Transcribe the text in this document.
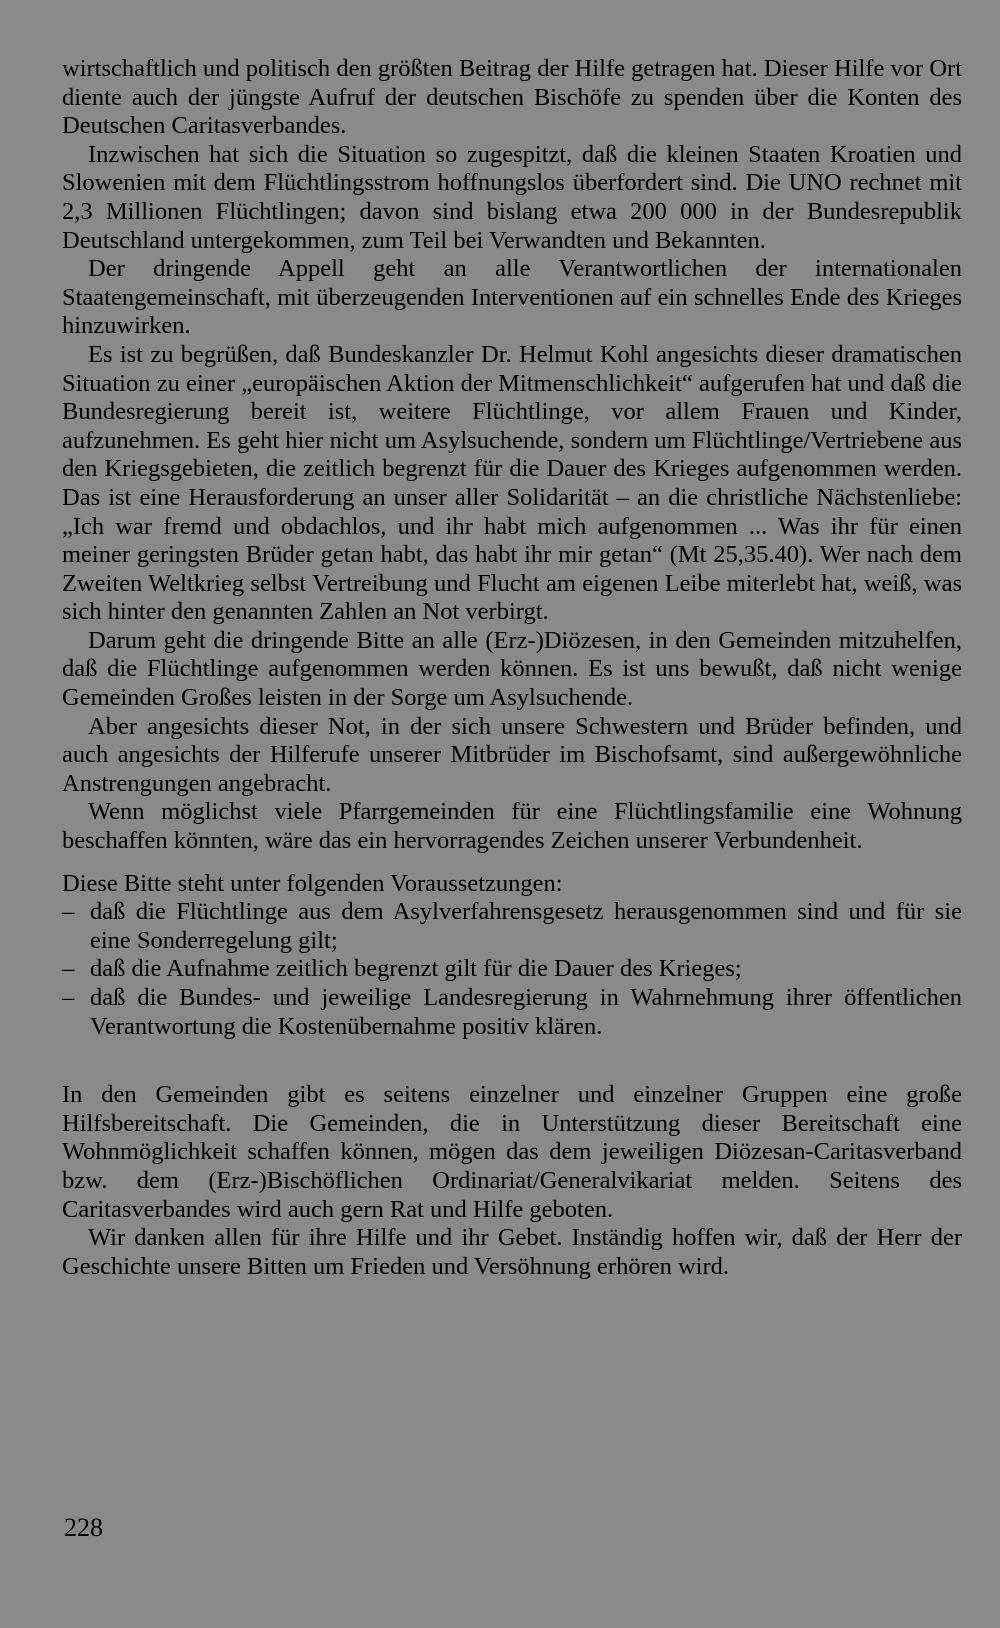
wirtschaftlich und politisch den größten Beitrag der Hilfe getragen hat. Dieser Hilfe vor Ort diente auch der jüngste Aufruf der deutschen Bischöfe zu spenden über die Konten des Deutschen Caritasverbandes.

Inzwischen hat sich die Situation so zugespitzt, daß die kleinen Staaten Kroatien und Slowenien mit dem Flüchtlingsstrom hoffnungslos überfordert sind. Die UNO rechnet mit 2,3 Millionen Flüchtlingen; davon sind bislang etwa 200 000 in der Bundesrepublik Deutschland untergekommen, zum Teil bei Verwandten und Bekannten.

Der dringende Appell geht an alle Verantwortlichen der internationalen Staatengemeinschaft, mit überzeugenden Interventionen auf ein schnelles Ende des Krieges hinzuwirken.

Es ist zu begrüßen, daß Bundeskanzler Dr. Helmut Kohl angesichts dieser dramatischen Situation zu einer „europäischen Aktion der Mitmenschlichkeit“ aufgerufen hat und daß die Bundesregierung bereit ist, weitere Flüchtlinge, vor allem Frauen und Kinder, aufzunehmen. Es geht hier nicht um Asylsuchende, sondern um Flüchtlinge/Vertriebene aus den Kriegsgebieten, die zeitlich begrenzt für die Dauer des Krieges aufgenommen werden. Das ist eine Herausforderung an unser aller Solidarität – an die christliche Nächstenliebe: „Ich war fremd und obdachlos, und ihr habt mich aufgenommen ... Was ihr für einen meiner geringsten Brüder getan habt, das habt ihr mir getan“ (Mt 25,35.40). Wer nach dem Zweiten Weltkrieg selbst Vertreibung und Flucht am eigenen Leibe miterlebt hat, weiß, was sich hinter den genannten Zahlen an Not verbirgt.

Darum geht die dringende Bitte an alle (Erz-)Diözesen, in den Gemeinden mitzuhelfen, daß die Flüchtlinge aufgenommen werden können. Es ist uns bewußt, daß nicht wenige Gemeinden Großes leisten in der Sorge um Asylsuchende.

Aber angesichts dieser Not, in der sich unsere Schwestern und Brüder befinden, und auch angesichts der Hilferufe unserer Mitbrüder im Bischofsamt, sind außergewöhnliche Anstrengungen angebracht.

Wenn möglichst viele Pfarrgemeinden für eine Flüchtlingsfamilie eine Wohnung beschaffen könnten, wäre das ein hervorragendes Zeichen unserer Verbundenheit.

Diese Bitte steht unter folgenden Voraussetzungen:

– daß die Flüchtlinge aus dem Asylverfahrensgesetz herausgenommen sind und für sie eine Sonderregelung gilt;
– daß die Aufnahme zeitlich begrenzt gilt für die Dauer des Krieges;
– daß die Bundes- und jeweilige Landesregierung in Wahrnehmung ihrer öffentlichen Verantwortung die Kostenübernahme positiv klären.

In den Gemeinden gibt es seitens einzelner und einzelner Gruppen eine große Hilfsbereitschaft. Die Gemeinden, die in Unterstützung dieser Bereitschaft eine Wohnmöglichkeit schaffen können, mögen das dem jeweiligen Diözesan-Caritasverband bzw. dem (Erz-)Bischöflichen Ordinariat/Generalvikariat melden. Seitens des Caritasverbandes wird auch gern Rat und Hilfe geboten.

Wir danken allen für ihre Hilfe und ihr Gebet. Inständig hoffen wir, daß der Herr der Geschichte unsere Bitten um Frieden und Versöhnung erhören wird.

228
